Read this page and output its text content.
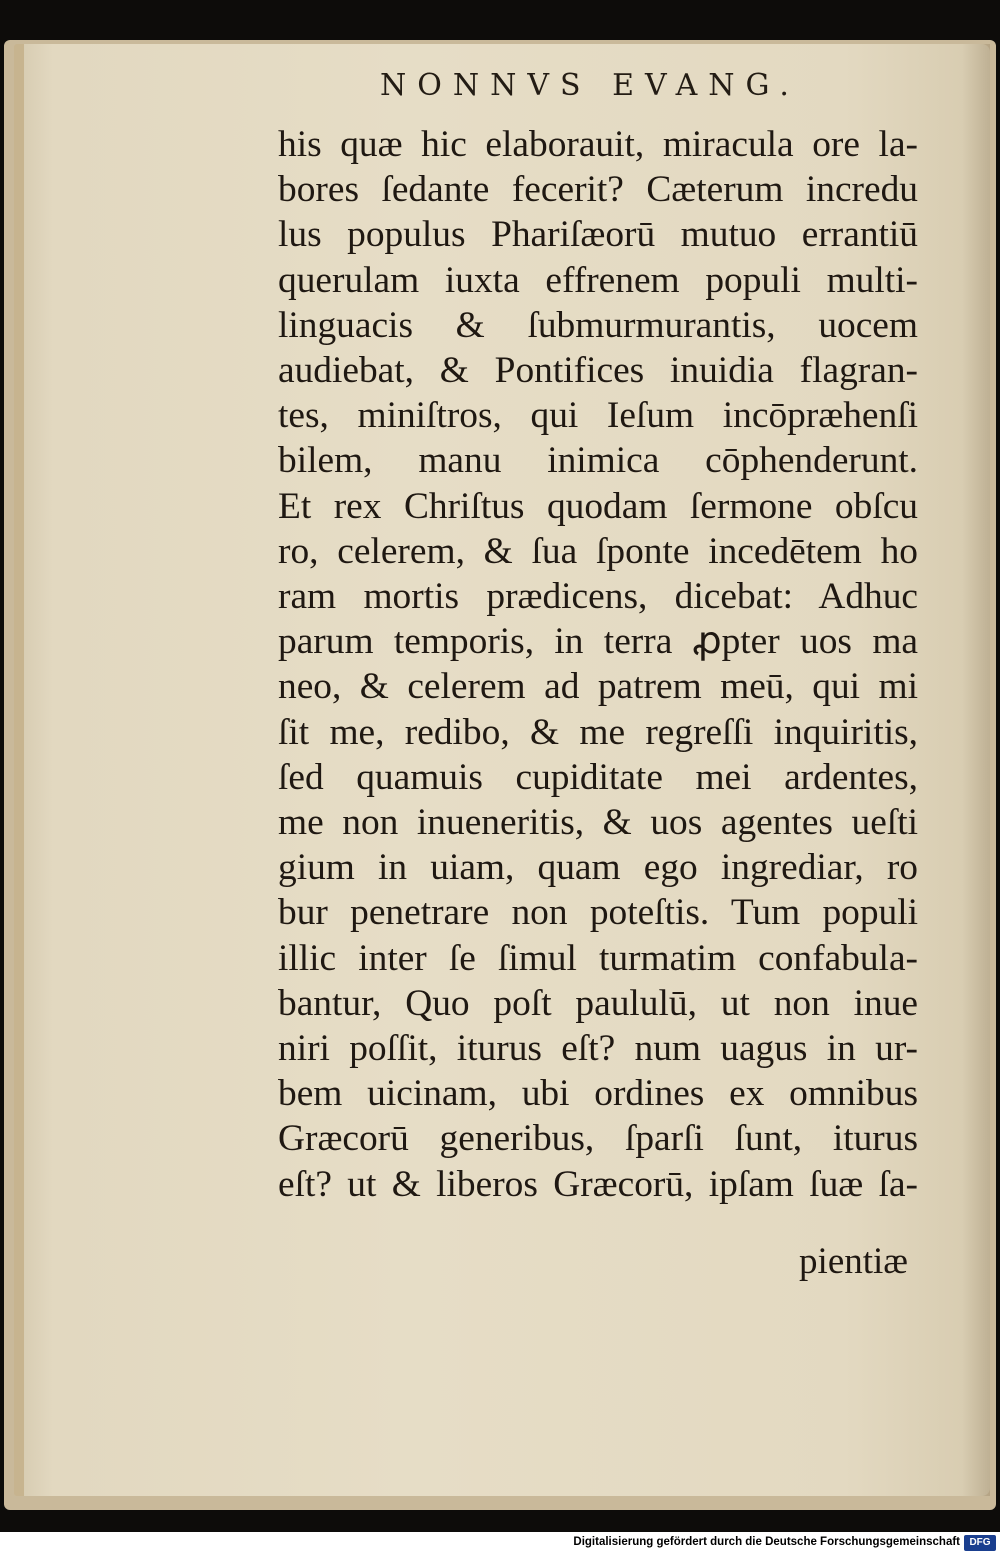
NONNVS EVANG.
his quæ hic elaborauit, miracula ore la-
bores ſedante fecerit? Cæterum incredu
lus populus Phariſæorū mutuo errantiū
querulam iuxta effrenem populi multi-
linguacis & ſubmurmurantis, uocem
audiebat, & Pontifices inuidia flagran-
tes, miniſtros, qui Ieſum incōpræhenſi
bilem, manu inimica cōphenderunt.
Et rex Chriſtus quodam ſermone obſcu
ro, celerem, & ſua ſponte incedētem ho
ram mortis prædicens, dicebat: Adhuc
parum temporis, in terra ꝓpter uos ma
neo, & celerem ad patrem meū, qui mi
ſit me, redibo, & me regreſſi inquiritis,
ſed quamuis cupiditate mei ardentes,
me non inueneritis, & uos agentes ueſti
gium in uiam, quam ego ingrediar, ro
bur penetrare non poteſtis. Tum populi
illic inter ſe ſimul turmatim confabula-
bantur, Quo poſt paululū, ut non inue
niri poſſit, iturus eſt? num uagus in ur-
bem uicinam, ubi ordines ex omnibus
Græcorū generibus, ſparſi ſunt, iturus
eſt? ut & liberos Græcorū, ipſam ſuæ ſa-
pientiæ
Digitalisierung gefördert durch die Deutsche Forschungsgemeinschaft DFG
